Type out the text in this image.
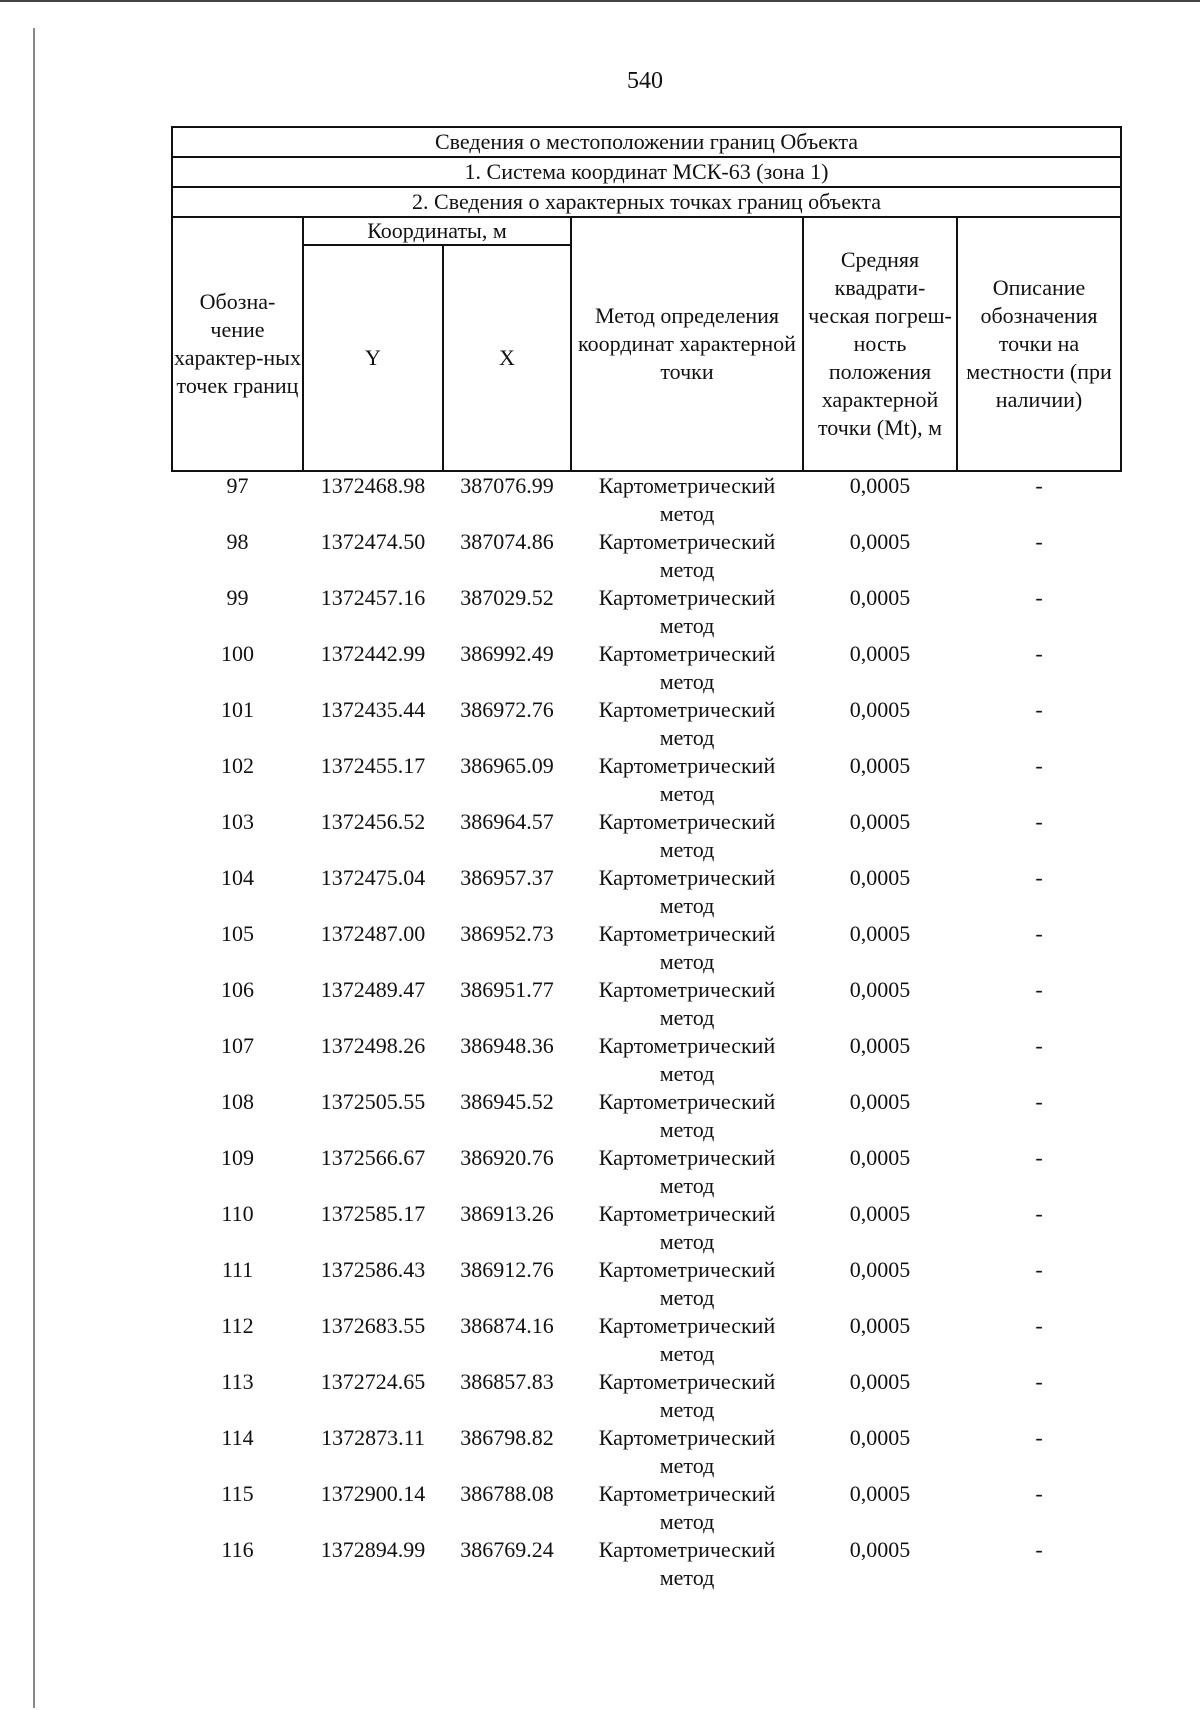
540
Сведения о местоположении границ Объекта					
1. Система координат МСК-63 (зона 1)					
2. Сведения о характерных точках границ объекта					
Обозна-чение характер-ных точек границ	Координаты, м		Метод определения координат характерной точки	Средняя квадрати-ческая погреш-ность положения характерной точки (Mt), м	Описание обозначения точки на местности (при наличии)
	Y	X			
97	1372468.98	387076.99	Картометрический метод	0,0005	-
98	1372474.50	387074.86	Картометрический метод	0,0005	-
99	1372457.16	387029.52	Картометрический метод	0,0005	-
100	1372442.99	386992.49	Картометрический метод	0,0005	-
101	1372435.44	386972.76	Картометрический метод	0,0005	-
102	1372455.17	386965.09	Картометрический метод	0,0005	-
103	1372456.52	386964.57	Картометрический метод	0,0005	-
104	1372475.04	386957.37	Картометрический метод	0,0005	-
105	1372487.00	386952.73	Картометрический метод	0,0005	-
106	1372489.47	386951.77	Картометрический метод	0,0005	-
107	1372498.26	386948.36	Картометрический метод	0,0005	-
108	1372505.55	386945.52	Картометрический метод	0,0005	-
109	1372566.67	386920.76	Картометрический метод	0,0005	-
110	1372585.17	386913.26	Картометрический метод	0,0005	-
111	1372586.43	386912.76	Картометрический метод	0,0005	-
112	1372683.55	386874.16	Картометрический метод	0,0005	-
113	1372724.65	386857.83	Картометрический метод	0,0005	-
114	1372873.11	386798.82	Картометрический метод	0,0005	-
115	1372900.14	386788.08	Картометрический метод	0,0005	-
116	1372894.99	386769.24	Картометрический метод	0,0005	-
